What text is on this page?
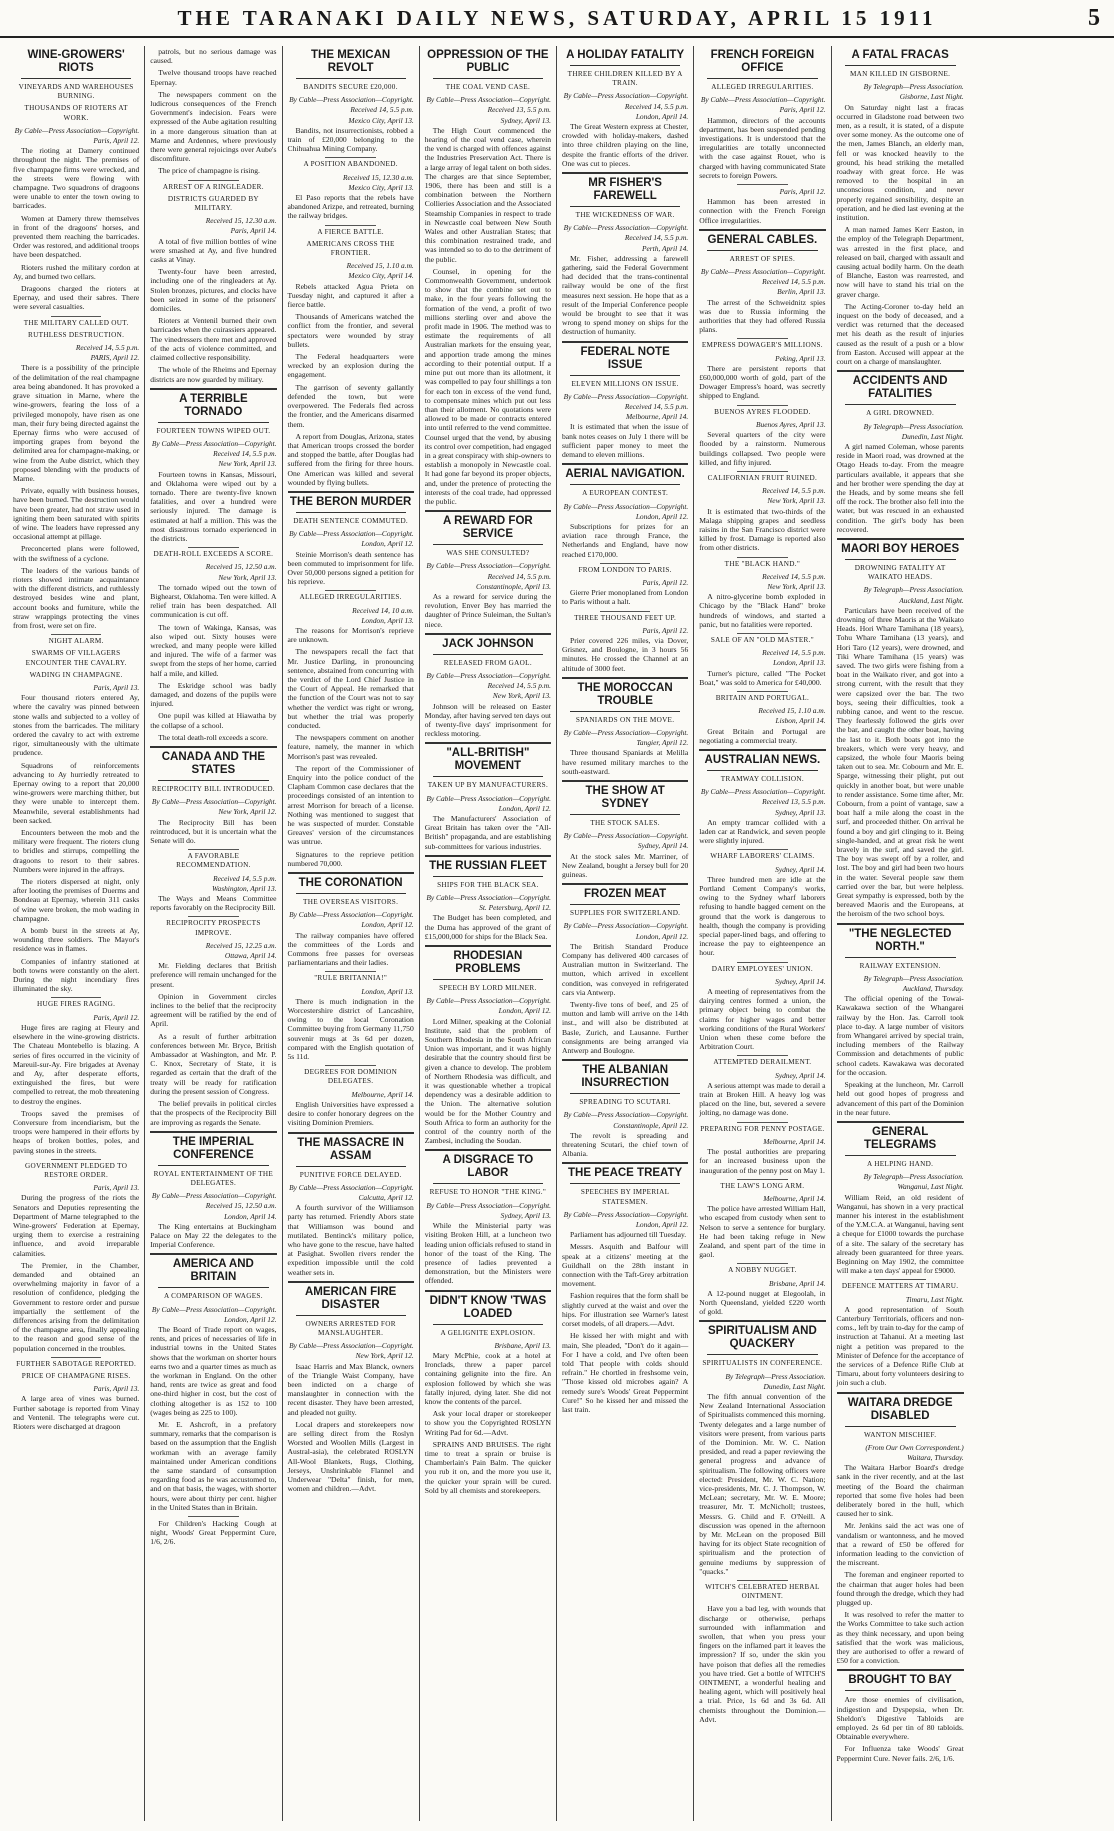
THE TARANAKI DAILY NEWS, SATURDAY, APRIL 15 1911	5
WINE-GROWERS' RIOTS
VINEYARDS AND WAREHOUSES BURNING.
THOUSANDS OF RIOTERS AT WORK.
By Cable—Press Association—Copyright.
Paris, April 12.

The rioting at Damery continued throughout the night. The premises of five champagne firms were wrecked, and the streets were flowing with champagne. Two squadrons of dragoons were unable to enter the town owing to barricades.

Women at Damery threw themselves in front of the dragoons' horses, and prevented them reaching the barricades. Order was restored, and additional troops have been despatched.

Rioters rushed the military cordon at Ay, and burned two cellars.

Dragoons charged the rioters at Epernay, and used their sabres. There were several casualties.

THE MILITARY CALLED OUT.
RUTHLESS DESTRUCTION.
Received 14, 5.5 p.m.
PARIS, April 12.

There is a possibility of the principle of the delimitation of the real champagne area being abandoned. It has provoked a grave situation in Marne, where the wine-growers, fearing the loss of a privileged monopoly, have risen as one man, their fury being directed against the Epernay firms who were accused of importing grapes from beyond the delimited area for champagne-making, or wine from the Aube district, which they proposed blending with the products of Marne.

Private, equally with business houses, have been burned. The destruction would have been greater, had not straw used in igniting them been saturated with spirits of wine. The leaders have repressed any occasional attempt at pillage.

Preconcerted plans were followed, with the swiftness of a cyclone.

The leaders of the various bands of rioters showed intimate acquaintance with the different districts, and ruthlessly destroyed besides wine and plant, account books and furniture, while the straw wrappings protecting the vines from frost, were set on fire.

NIGHT ALARM.
SWARMS OF VILLAGERS ENCOUNTER THE CAVALRY.
WADING IN CHAMPAGNE.
Paris, April 13.

Four thousand rioters entered Ay, where the cavalry was pinned between stone walls and subjected to a volley of stones from the barricades. The military ordered the cavalry to act with extreme rigor, simultaneously with the ultimate prudence.

Squadrons of reinforcements advancing to Ay hurriedly retreated to Epernay owing to a report that 20,000 wine-growers were marching thither, but they were unable to intercept them. Meanwhile, several establishments had been sacked.

Encounters between the mob and the military were frequent. The rioters clung to bridles and stirrups, compelling the dragoons to resort to their sabres. Numbers were injured in the affrays.

The rioters dispersed at night, only after looting the premises of Duerms and Bondeau at Epernay, wherein 311 casks of wine were broken, the mob wading in champagne.

A bomb burst in the streets at Ay, wounding three soldiers. The Mayor's residence was in flames.

Companies of infantry stationed at both towns were constantly on the alert. During the night incendiary fires illuminated the sky.

HUGE FIRES RAGING.
Paris, April 12.

Huge fires are raging at Fleury and elsewhere in the wine-growing districts. The Chateau Montebello is blazing. A series of fires occurred in the vicinity of Mareuil-sur-Ay. Fire brigades at Avenay and Ay, after desperate efforts, extinguished the fires, but were compelled to retreat, the mob threatening to destroy the engines.

Troops saved the premises of Conversure from incendiarism, but the troops were hampered in their efforts by heaps of broken bottles, poles, and paving stones in the streets.

GOVERNMENT PLEDGED TO RESTORE ORDER.
Paris, April 13.

During the progress of the riots the Senators and Deputies representing the Department of Marne telegraphed to the Wine-growers' Federation at Epernay, urging them to exercise a restraining influence, and avoid irreparable calamities.

The Premier, in the Chamber, demanded and obtained an overwhelming majority in favor of a resolution of confidence, pledging the Government to restore order and pursue impartially the settlement of the differences arising from the delimitation of the champagne area, finally appealing to the reason and good sense of the population concerned in the troubles.

FURTHER SABOTAGE REPORTED.
PRICE OF CHAMPAGNE RISES.
Paris, April 13.

A large area of vines was burned. Further sabotage is reported from Vinay and Ventenil. The telegraphs were cut. Rioters were discharged at dragoon

patrols, but no serious damage was caused.

Twelve thousand troops have reached Epernay.

The newspapers comment on the ludicrous consequences of the French Government's indecision. Fears were expressed of the Aube agitation resulting in a more dangerous situation than at Marne and Ardennes, where previously there were general rejoicings over Aube's discomfiture.

The price of champagne is rising.

ARREST OF A RINGLEADER.
DISTRICTS GUARDED BY MILITARY.
Received 15, 12.30 a.m.
Paris, April 14.

A total of five million bottles of wine were smashed at Ay, and five hundred casks at Vinay.

Twenty-four have been arrested, including one of the ringleaders at Ay. Stolen bronzes, pictures, and clocks have been seized in some of the prisoners' domiciles.

Rioters at Ventenil burned their own barricades when the cuirassiers appeared. The vinedressers there met and approved of the acts of violence committed, and claimed collective responsibility.

The whole of the Rheims and Epernay districts are now guarded by military.

A TERRIBLE TORNADO
FOURTEEN TOWNS WIPED OUT.
By Cable—Press Association—Copyright.
Received 14, 5.5 p.m.
New York, April 13.

Fourteen towns in Kansas, Missouri, and Oklahoma were wiped out by a tornado. There are twenty-five known fatalities, and over a hundred were seriously injured. The damage is estimated at half a million. This was the most disastrous tornado experienced in the districts.

DEATH-ROLL EXCEEDS A SCORE.
Received 15, 12.50 a.m.
New York, April 13.

The tornado wiped out the town of Bighearst, Oklahoma. Ten were killed. A relief train has been despatched. All communication is cut off.

The town of Wakinga, Kansas, was also wiped out. Sixty houses were wrecked, and many people were killed and injured. The wife of a farmer was swept from the steps of her home, carried half a mile, and killed.

The Eskridge school was badly damaged, and dozens of the pupils were injured.

One pupil was killed at Hiawatha by the collapse of a school.

The total death-roll exceeds a score.

CANADA AND THE STATES
RECIPROCITY BILL INTRODUCED.
By Cable—Press Association—Copyright.
New York, April 12.

The Reciprocity Bill has been reintroduced, but it is uncertain what the Senate will do.

A FAVORABLE RECOMMENDATION.
Received 14, 5.5 p.m.
Washington, April 13.

The Ways and Means Committee reports favorably on the Reciprocity Bill.

RECIPROCITY PROSPECTS IMPROVE.
Received 15, 12.25 a.m.
Ottawa, April 14.

Mr. Fielding declares that British preference will remain unchanged for the present.

Opinion in Government circles inclines to the belief that the reciprocity agreement will be ratified by the end of April.

As a result of further arbitration conferences between Mr. Bryce, British Ambassador at Washington, and Mr. P. C. Knox, Secretary of State, it is regarded as certain that the draft of the treaty will be ready for ratification during the present session of Congress.

The belief prevails in political circles that the prospects of the Reciprocity Bill are improving as regards the Senate.

THE IMPERIAL CONFERENCE
ROYAL ENTERTAINMENT OF THE DELEGATES.
By Cable—Press Association—Copyright.
Received 15, 12.50 a.m.
London, April 14.

The King entertains at Buckingham Palace on May 22 the delegates to the Imperial Conference.

AMERICA AND BRITAIN
A COMPARISON OF WAGES.
By Cable—Press Association—Copyright.
London, April 12.

The Board of Trade report on wages, rents, and prices of necessaries of life in industrial towns in the United States shows that the workman on shorter hours earns two and a quarter times as much as the workman in England. On the other hand, rents are twice as great and food one-third higher in cost, but the cost of clothing altogether is as 152 to 100 (wages being as 225 to 100).

Mr. E. Ashcroft, in a prefatory summary, remarks that the comparison is based on the assumption that the English workman with an average family maintained under American conditions the same standard of consumption regarding food as he was accustomed to, and on that basis, the wages, with shorter hours, were about thirty per cent. higher in the United States than in Britain.

For Children's Hacking Cough at night, Woods' Great Peppermint Cure, 1/6, 2/6.

THE MEXICAN REVOLT
BANDITS SECURE £20,000.
By Cable—Press Association—Copyright.
Received 14, 5.5 p.m.
Mexico City, April 13.

Bandits, not insurrectionists, robbed a train of £20,000 belonging to the Chihuahua Mining Company.

A POSITION ABANDONED.
Received 15, 12.30 a.m.
Mexico City, April 13.

El Paso reports that the rebels have abandoned Arizpe, and retreated, burning the railway bridges.

A FIERCE BATTLE.
AMERICANS CROSS THE FRONTIER.
Received 15, 1.10 a.m.
Mexico City, April 14.

Rebels attacked Agua Prieta on Tuesday night, and captured it after a fierce battle.

Thousands of Americans watched the conflict from the frontier, and several spectators were wounded by stray bullets.

The Federal headquarters were wrecked by an explosion during the engagement.

The garrison of seventy gallantly defended the town, but were overpowered. The Federals fled across the frontier, and the Americans disarmed them.

A report from Douglas, Arizona, states that American troops crossed the border and stopped the battle, after Douglas had suffered from the firing for three hours. One American was killed and several wounded by flying bullets.

THE BERON MURDER
DEATH SENTENCE COMMUTED.
By Cable—Press Association—Copyright.
London, April 12.

Steinie Morrison's death sentence has been commuted to imprisonment for life. Over 50,000 persons signed a petition for his reprieve.

ALLEGED IRREGULARITIES.
Received 14, 10 a.m.
London, April 13.

The reasons for Morrison's reprieve are unknown.

The newspapers recall the fact that Mr. Justice Darling, in pronouncing sentence, abstained from concurring with the verdict of the Lord Chief Justice in the Court of Appeal. He remarked that the function of the Court was not to say whether the verdict was right or wrong, but whether the trial was properly conducted.

The newspapers comment on another feature, namely, the manner in which Morrison's past was revealed.

The report of the Commissioner of Enquiry into the police conduct of the Clapham Common case declares that the proceedings consisted of an intention to arrest Morrison for breach of a license. Nothing was mentioned to suggest that he was suspected of murder. Constable Greaves' version of the circumstances was untrue.

Signatures to the reprieve petition numbered 70,000.

THE CORONATION
THE OVERSEAS VISITORS.
By Cable—Press Association—Copyright.
London, April 12.

The railway companies have offered the committees of the Lords and Commons free passes for overseas parliamentarians and their ladies.

"RULE BRITANNIA!"
London, April 13.

There is much indignation in the Worcestershire district of Lancashire, owing to the local Coronation Committee buying from Germany 11,750 souvenir mugs at 3s 6d per dozen, compared with the English quotation of 5s 11d.

DEGREES FOR DOMINION DELEGATES.
Melbourne, April 14.

English Universities have expressed a desire to confer honorary degrees on the visiting Dominion Premiers.

THE MASSACRE IN ASSAM
PUNITIVE FORCE DELAYED.
By Cable—Press Association—Copyright.
Calcutta, April 12.

A fourth survivor of the Williamson party has returned. Friendly Abors state that Williamson was bound and mutilated. Bentinck's military police, who have gone to the rescue, have halted at Pasighat. Swollen rivers render the expedition impossible until the cold weather sets in.

AMERICAN FIRE DISASTER
OWNERS ARRESTED FOR MANSLAUGHTER.
By Cable—Press Association—Copyright.
New York, April 12.

Isaac Harris and Max Blanck, owners of the Triangle Waist Company, have been indicted on a charge of manslaughter in connection with the recent disaster. They have been arrested, and pleaded not guilty.

Local drapers and storekeepers now are selling direct from the Roslyn Worsted and Woollen Mills (Largest in Austral-asia), the celebrated ROSLYN All-Wool Blankets, Rugs, Clothing, Jerseys, Unshrinkable Flannel and Underwear "Delta" finish, for men, women and children.—Advt.

OPPRESSION OF THE PUBLIC
THE COAL VEND CASE.
By Cable—Press Association—Copyright.
Received 13, 5.5 p.m.
Sydney, April 13.

The High Court commenced the hearing of the coal vend case, wherein the vend is charged with offences against the Industries Preservation Act. There is a large array of legal talent on both sides. The charges are that since September, 1906, there has been and still is a combination between the Northern Collieries Association and the Associated Steamship Companies in respect to trade in Newcastle coal between New South Wales and other Australian States; that this combination restrained trade, and was intended so to do to the detriment of the public.

Counsel, in opening for the Commonwealth Government, undertook to show that the combine set out to make, in the four years following the formation of the vend, a profit of two millions sterling over and above the profit made in 1906. The method was to estimate the requirements of all Australian markets for the ensuing year, and apportion trade among the mines according to their potential output. If a mine put out more than its allotment, it was compelled to pay four shillings a ton for each ton in excess of the vend fund, to compensate mines which put out less than their allotment. No quotations were allowed to be made or contracts entered into until referred to the vend committee. Counsel urged that the vend, by abusing its control over competition, had engaged in a great conspiracy with ship-owners to establish a monopoly in Newcastle coal. It had gone far beyond its proper objects, and, under the pretence of protecting the interests of the coal trade, had oppressed the public.

A REWARD FOR SERVICE
WAS SHE CONSULTED?
By Cable—Press Association—Copyright.
Received 14, 5.5 p.m.
Constantinople, April 13.

As a reward for service during the revolution, Enver Bey has married the daughter of Prince Suleiman, the Sultan's niece.

JACK JOHNSON
RELEASED FROM GAOL.
By Cable—Press Association—Copyright.
Received 14, 5.5 p.m.
New York, April 13.

Johnson will be released on Easter Monday, after having served ten days out of twenty-five days' imprisonment for reckless motoring.

"ALL-BRITISH" MOVEMENT
TAKEN UP BY MANUFACTURERS.
By Cable—Press Association—Copyright.
London, April 12.

The Manufacturers' Association of Great Britain has taken over the "All-British" propaganda, and are establishing sub-committees for various industries.

THE RUSSIAN FLEET
SHIPS FOR THE BLACK SEA.
By Cable—Press Association—Copyright.
St. Petersburg, April 12.

The Budget has been completed, and the Duma has approved of the grant of £15,000,000 for ships for the Black Sea.

RHODESIAN PROBLEMS
SPEECH BY LORD MILNER.
By Cable—Press Association—Copyright.
London, April 12.

Lord Milner, speaking at the Colonial Institute, said that the problem of Southern Rhodesia in the South African Union was important, and it was highly desirable that the country should first be given a chance to develop. The problem of Northern Rhodesia was difficult, and it was questionable whether a tropical dependency was a desirable addition to the Union. The alternative solution would be for the Mother Country and South Africa to form an authority for the control of the country north of the Zambesi, including the Soudan.

A DISGRACE TO LABOR
REFUSE TO HONOR "THE KING."
By Cable—Press Association—Copyright.
Sydney, April 13.

While the Ministerial party was visiting Broken Hill, at a luncheon two leading union officials refused to stand in honor of the toast of the King. The presence of ladies prevented a demonstration, but the Ministers were offended.

DIDN'T KNOW 'TWAS LOADED
A GELIGNITE EXPLOSION.
Brisbane, April 13.

Mary McPhie, cook at a hotel at Ironclads, threw a paper parcel containing gelignite into the fire. An explosion followed by which she was fatally injured, dying later. She did not know the contents of the parcel.

Ask your local draper or storekeeper to show you the Copyrighted ROSLYN Writing Pad for 6d.—Advt.

SPRAINS AND BRUISES. The right time to treat a sprain or bruise is Chamberlain's Pain Balm. The quicker you rub it on, and the more you use it, the quicker your sprain will be cured. Sold by all chemists and storekeepers.

A HOLIDAY FATALITY
THREE CHILDREN KILLED BY A TRAIN.
By Cable—Press Association—Copyright.
Received 14, 5.5 p.m.
London, April 14.

The Great Western express at Chester, crowded with holiday-makers, dashed into three children playing on the line, despite the frantic efforts of the driver. One was cut to pieces.

MR FISHER'S FAREWELL
THE WICKEDNESS OF WAR.
By Cable—Press Association—Copyright.
Received 14, 5.5 p.m.
Perth, April 14.

Mr. Fisher, addressing a farewell gathering, said the Federal Government had decided that the trans-continental railway would be one of the first measures next session. He hope that as a result of the Imperial Conference people would be brought to see that it was wrong to spend money on ships for the destruction of humanity.

FEDERAL NOTE ISSUE
ELEVEN MILLIONS ON ISSUE.
By Cable—Press Association—Copyright.
Received 14, 5.5 p.m.
Melbourne, April 14.

It is estimated that when the issue of bank notes ceases on July 1 there will be sufficient paper money to meet the demand to eleven millions.

AERIAL NAVIGATION.
A EUROPEAN CONTEST.
By Cable—Press Association—Copyright.
London, April 12.

Subscriptions for prizes for an aviation race through France, the Netherlands and England, have now reached £170,000.

FROM LONDON TO PARIS.
Paris, April 12.

Gierre Prier monoplaned from London to Paris without a halt.

THREE THOUSAND FEET UP.
Paris, April 12.

Prier covered 226 miles, via Dover, Grisnez, and Boulogne, in 3 hours 56 minutes. He crossed the Channel at an altitude of 3000 feet.

THE MOROCCAN TROUBLE
SPANIARDS ON THE MOVE.
By Cable—Press Association—Copyright.
Tangier, April 12.

Three thousand Spaniards at Melilla have resumed military marches to the south-eastward.

THE SHOW AT SYDNEY
THE STOCK SALES.
By Cable—Press Association—Copyright.
Sydney, April 14.

At the stock sales Mr. Marriner, of New Zealand, bought a Jersey bull for 20 guineas.

FROZEN MEAT
SUPPLIES FOR SWITZERLAND.
By Cable—Press Association—Copyright.
London, April 12.

The British Standard Produce Company has delivered 400 carcases of Australian mutton in Switzerland. The mutton, which arrived in excellent condition, was conveyed in refrigerated cars via Antwerp.

Twenty-five tons of beef, and 25 of mutton and lamb will arrive on the 14th inst., and will also be distributed at Basle, Zurich, and Lausanne. Further consignments are being arranged via Antwerp and Boulogne.

THE ALBANIAN INSURRECTION
SPREADING TO SCUTARI.
By Cable—Press Association—Copyright.
Constantinople, April 12.

The revolt is spreading and threatening Scutari, the chief town of Albania.

THE PEACE TREATY
SPEECHES BY IMPERIAL STATESMEN.
By Cable—Press Association—Copyright.
London, April 12.

Parliament has adjourned till Tuesday.

Messrs. Asquith and Balfour will speak at a citizens' meeting at the Guildhall on the 28th instant in connection with the Taft-Grey arbitration movement.

Fashion requires that the form shall be slightly curved at the waist and over the hips. For illustration see Warner's latest corset models, of all drapers.—Advt.

He kissed her with might and with main, She pleaded, "Don't do it again— For I have a cold, and I've often been told That people with colds should refrain." He chortled in freshsome vein, "Those kissed old microbes again? A remedy sure's Woods' Great Peppermint Cure!" So he kissed her and missed the last train.

FRENCH FOREIGN OFFICE
ALLEGED IRREGULARITIES.
By Cable—Press Association—Copyright.
Paris, April 12.

Hammon, directors of the accounts department, has been suspended pending investigations. It is understood that the irregularities are totally unconnected with the case against Rouet, who is charged with having communicated State secrets to foreign Powers.

Paris, April 12.

Hammon has been arrested in connection with the French Foreign Office irregularities.

GENERAL CABLES.
ARREST OF SPIES.
By Cable—Press Association—Copyright.
Received 14, 5.5 p.m.
Berlin, April 13.

The arrest of the Schweidnitz spies was due to Russia informing the authorities that they had offered Russia plans.

EMPRESS DOWAGER'S MILLIONS.
Peking, April 13.

There are persistent reports that £60,000,000 worth of gold, part of the Dowager Empress's hoard, was secretly shipped to England.

BUENOS AYRES FLOODED.
Buenos Ayres, April 13.

Several quarters of the city were flooded by a rainstorm. Numerous buildings collapsed. Two people were killed, and fifty injured.

CALIFORNIAN FRUIT RUINED.
Received 14, 5.5 p.m.
New York, April 13.

It is estimated that two-thirds of the Malaga shipping grapes and seedless raisins in the San Francisco district were killed by frost. Damage is reported also from other districts.

THE "BLACK HAND."
Received 14, 5.5 p.m.
New York, April 13.

A nitro-glycerine bomb exploded in Chicago by the "Black Hand" broke hundreds of windows, and started a panic, but no fatalities were reported.

SALE OF AN "OLD MASTER."
Received 14, 5.5 p.m.
London, April 13.

Turner's picture, called "The Pocket Boat," was sold to America for £40,000.

BRITAIN AND PORTUGAL.
Received 15, 1.10 a.m.
Lisbon, April 14.

Great Britain and Portugal are negotiating a commercial treaty.

AUSTRALIAN NEWS.
TRAMWAY COLLISION.
By Cable—Press Association—Copyright.
Received 13, 5.5 p.m.
Sydney, April 13.

An empty tramcar collided with a laden car at Randwick, and seven people were slightly injured.

WHARF LABORERS' CLAIMS.
Sydney, April 14.

Three hundred men are idle at the Portland Cement Company's works, owing to the Sydney wharf laborers refusing to handle bagged cement on the ground that the work is dangerous to health, though the company is providing special paper-lined bags, and offering to increase the pay to eighteenpence an hour.

DAIRY EMPLOYEES' UNION.
Sydney, April 14.

A meeting of representatives from the dairying centres formed a union, the primary object being to combat the claims for higher wages and better working conditions of the Rural Workers' Union when these come before the Arbitration Court.

ATTEMPTED DERAILMENT.
Sydney, April 14.

A serious attempt was made to derail a train at Broken Hill. A heavy log was placed on the line, but, severed a severe jolting, no damage was done.

PREPARING FOR PENNY POSTAGE.
Melbourne, April 14.

The postal authorities are preparing for an increased business upon the inauguration of the penny post on May 1.

THE LAW'S LONG ARM.
Melbourne, April 14.

The police have arrested William Hall, who escaped from custody when sent to Nelson to serve a sentence for burglary. He had been taking refuge in New Zealand, and spent part of the time in gaol.

A NOBBY NUGGET.
Brisbane, April 14.

A 12-pound nugget at Elegoolah, in North Queensland, yielded £220 worth of gold.

SPIRITUALISM AND QUACKERY
SPIRITUALISTS IN CONFERENCE.
By Telegraph—Press Association.
Dunedin, Last Night.

The fifth annual convention of the New Zealand International Association of Spiritualists commenced this morning. Twenty delegates and a large number of visitors were present, from various parts of the Dominion. Mr. W. C. Nation presided, and read a paper reviewing the general progress and advance of spiritualism. The following officers were elected: President, Mr. W. C. Nation; vice-presidents, Mr. C. J. Thompson, W. McLean; secretary, Mr. W. E. Moore; treasurer, Mr. T. McNicholl; trustees, Messrs. G. Child and F. O'Neill. A discussion was opened in the afternoon by Mr. McLean on the proposed Bill having for its object State recognition of spiritualism and the protection of genuine mediums by suppression of "quacks."

WITCH'S CELEBRATED HERBAL OINTMENT.

Have you a bad leg, with wounds that discharge or otherwise, perhaps surrounded with inflammation and swollen, that when you press your fingers on the inflamed part it leaves the impression? If so, under the skin you have poison that defies all the remedies you have tried. Get a bottle of WITCH'S OINTMENT, a wonderful healing and healing agent, which will positively heal a trial. Price, 1s 6d and 3s 6d. All chemists throughout the Dominion.—Advt.

A FATAL FRACAS
MAN KILLED IN GISBORNE.
By Telegraph—Press Association.
Gisborne, Last Night.

On Saturday night last a fracas occurred in Gladstone road between two men, as a result, it is stated, of a dispute over some money. As the outcome one of the men, James Blanch, an elderly man, fell or was knocked heavily to the ground, his head striking the metalled roadway with great force. He was removed to the hospital in an unconscious condition, and never properly regained sensibility, despite an operation, and he died last evening at the institution.

A man named James Kerr Easton, in the employ of the Telegraph Department, was arrested in the first place, and released on bail, charged with assault and causing actual bodily harm. On the death of Blanche, Easton was rearrested, and now will have to stand his trial on the graver charge.

The Acting-Coroner to-day held an inquest on the body of deceased, and a verdict was returned that the deceased met his death as the result of injuries caused as the result of a push or a blow from Easton. Accused will appear at the court on a charge of manslaughter.

ACCIDENTS AND FATALITIES
A GIRL DROWNED.
By Telegraph—Press Association.
Dunedin, Last Night.

A girl named Coleman, whose parents reside in Maori road, was drowned at the Otago Heads to-day. From the meagre particulars available, it appears that she and her brother were spending the day at the Heads, and by some means she fell off the rock. The brother also fell into the water, but was rescued in an exhausted condition. The girl's body has been recovered.

MAORI BOY HEROES
DROWNING FATALITY AT WAIKATO HEADS.
By Telegraph—Press Association.
Auckland, Last Night.

Particulars have been received of the drowning of three Maoris at the Waikato Heads. Hori Whare Tamihana (18 years), Tohu Whare Tamihana (13 years), and Hori Taro (12 years), were drowned, and Tiki Whare Tamihana (15 years) was saved. The two girls were fishing from a boat in the Waikato river, and got into a strong current, with the result that they were capsized over the bar. The two boys, seeing their difficulties, took a rubbing canoe, and went to the rescue. They fearlessly followed the girls over the bar, and caught the other boat, having the last to it. Both boats got into the breakers, which were very heavy, and capsized, the whole four Maoris being taken out to sea. Mr. Cobourn and Mr. E. Sparge, witnessing their plight, put out quickly in another boat, but were unable to render assistance. Some time after, Mr. Cobourn, from a point of vantage, saw a boat half a mile along the coast in the surf, and proceeded thither. On arrival he found a boy and girl clinging to it. Being single-handed, and at great risk he went bravely in the surf, and saved the girl. The boy was swept off by a roller, and lost. The boy and girl had been two hours in the water. Several people saw them carried over the bar, but were helpless. Great sympathy is expressed, both by the bereaved Maoris and the Europeans, at the heroism of the two school boys.

"THE NEGLECTED NORTH."
RAILWAY EXTENSION.
By Telegraph—Press Association.
Auckland, Thursday.

The official opening of the Towai-Kawakawa section of the Whangarei railway by the Hon. Jas. Carroll took place to-day. A large number of visitors from Whangarei arrived by special train, including members of the Railway Commission and detachments of public school cadets. Kawakawa was decorated for the occasion.

Speaking at the luncheon, Mr. Carroll held out good hopes of progress and advancement of this part of the Dominion in the near future.

GENERAL TELEGRAMS
A HELPING HAND.
By Telegraph—Press Association.
Wanganui, Last Night.

William Reid, an old resident of Wanganui, has shown in a very practical manner his interest in the establishment of the Y.M.C.A. at Wanganui, having sent a cheque for £1000 towards the purchase of a site. The salary of the secretary has already been guaranteed for three years. Beginning on May 1902, the committee will make a ten days' appeal for £9000.

DEFENCE MATTERS AT TIMARU.
Timaru, Last Night.

A good representation of South Canterbury Territorials, officers and non-coms., left by train to-day for the camp of instruction at Tahanui. At a meeting last night a petition was prepared to the Minister of Defence for the acceptance of the services of a Defence Rifle Club at Timaru, about forty volunteers desiring to join such a club.

WAITARA DREDGE DISABLED
WANTON MISCHIEF.
(From Our Own Correspondent.)
Waitara, Thursday.

The Waitara Harbor Board's dredge sank in the river recently, and at the last meeting of the Board the chairman reported that some five holes had been deliberately bored in the hull, which caused her to sink.

Mr. Jenkins said the act was one of vandalism or wantonness, and he moved that a reward of £50 be offered for information leading to the conviction of the miscreant.

The foreman and engineer reported to the chairman that auger holes had been found through the dredge, which they had plugged up.

It was resolved to refer the matter to the Works Committee to take such action as they think necessary, and upon being satisfied that the work was malicious, they are authorised to offer a reward of £50 for a conviction.

BROUGHT TO BAY

Are those enemies of civilisation, indigestion and Dyspepsia, when Dr. Sheldon's Digestive Tabloids are employed. 2s 6d per tin of 80 tabloids. Obtainable everywhere.

For Influenza take Woods' Great Peppermint Cure. Never fails. 2/6, 1/6.
